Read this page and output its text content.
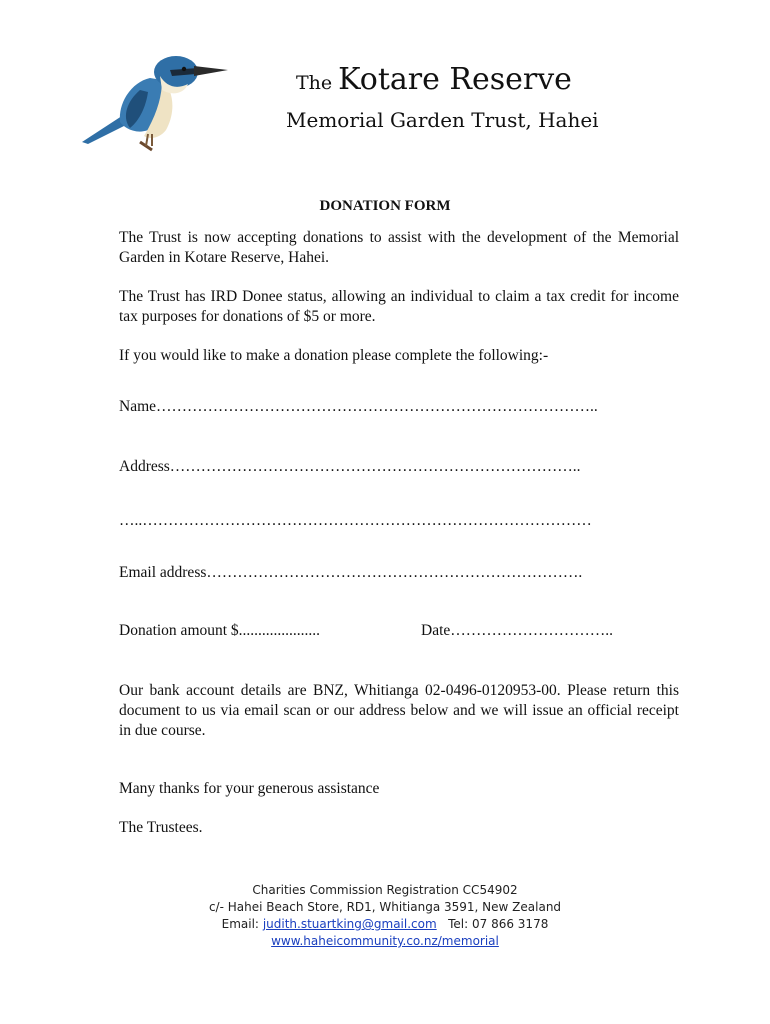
The Kotare Reserve
Memorial Garden Trust, Hahei
DONATION FORM
The Trust is now accepting donations to assist with the development of the Memorial Garden in Kotare Reserve, Hahei.
The Trust has IRD Donee status, allowing an individual to claim a tax credit for income tax purposes for donations of $5 or more.
If you would like to make a donation please complete the following:-
Name…………………………………………………………………………..
Address……………………………………………………………………..
…..……………………………………………………………………………
Email address……………………………………………………………….
Donation amount $.....................	Date…………………………..
Our bank account details are BNZ, Whitianga 02-0496-0120953-00. Please return this document to us via email scan or our address below and we will issue an official receipt in due course.
Many thanks for your generous assistance
The Trustees.
Charities Commission Registration CC54902
c/- Hahei Beach Store, RD1, Whitianga 3591, New Zealand
Email: judith.stuartking@gmail.com Tel: 07 866 3178
www.haheicommunity.co.nz/memorial
